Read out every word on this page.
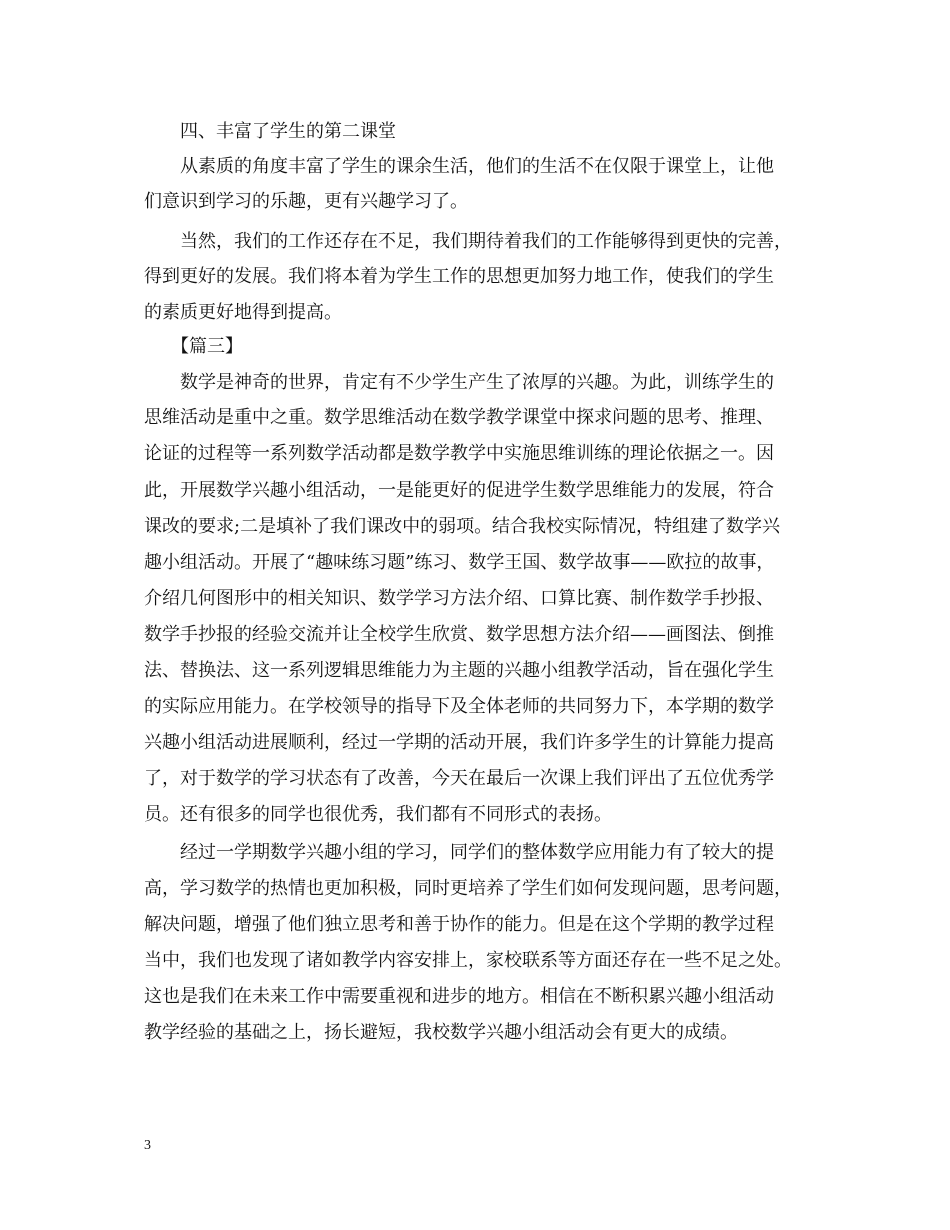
四、丰富了学生的第二课堂
从素质的角度丰富了学生的课余生活，他们的生活不在仅限于课堂上，让他
们意识到学习的乐趣，更有兴趣学习了。
当然，我们的工作还存在不足，我们期待着我们的工作能够得到更快的完善，
得到更好的发展。我们将本着为学生工作的思想更加努力地工作，使我们的学生
的素质更好地得到提高。
【篇三】
数学是神奇的世界，肯定有不少学生产生了浓厚的兴趣。为此，训练学生的
思维活动是重中之重。数学思维活动在数学教学课堂中探求问题的思考、推理、
论证的过程等一系列数学活动都是数学教学中实施思维训练的理论依据之一。因
此，开展数学兴趣小组活动，一是能更好的促进学生数学思维能力的发展，符合
课改的要求;二是填补了我们课改中的弱项。结合我校实际情况，特组建了数学兴
趣小组活动。开展了“趣味练习题”练习、数学王国、数学故事——欧拉的故事，
介绍几何图形中的相关知识、数学学习方法介绍、口算比赛、制作数学手抄报、
数学手抄报的经验交流并让全校学生欣赏、数学思想方法介绍——画图法、倒推
法、替换法、这一系列逻辑思维能力为主题的兴趣小组教学活动，旨在强化学生
的实际应用能力。在学校领导的指导下及全体老师的共同努力下，本学期的数学
兴趣小组活动进展顺利，经过一学期的活动开展，我们许多学生的计算能力提高
了，对于数学的学习状态有了改善，今天在最后一次课上我们评出了五位优秀学
员。还有很多的同学也很优秀，我们都有不同形式的表扬。
经过一学期数学兴趣小组的学习，同学们的整体数学应用能力有了较大的提
高，学习数学的热情也更加积极，同时更培养了学生们如何发现问题，思考问题，
解决问题，增强了他们独立思考和善于协作的能力。但是在这个学期的教学过程
当中，我们也发现了诸如教学内容安排上，家校联系等方面还存在一些不足之处。
这也是我们在未来工作中需要重视和进步的地方。相信在不断积累兴趣小组活动
教学经验的基础之上，扬长避短，我校数学兴趣小组活动会有更大的成绩。
3
